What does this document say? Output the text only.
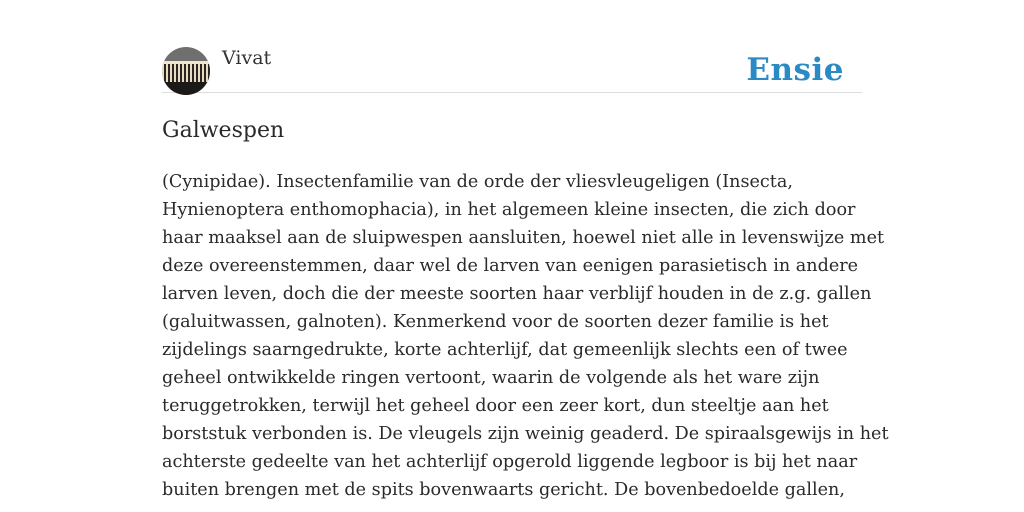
Vivat	Ensie
Galwespen
(Cynipidae). Insectenfamilie van de orde der vliesvleugeligen (Insecta,
Hynienoptera enthomophacia), in het algemeen kleine insecten, die zich door
haar maaksel aan de sluipwespen aansluiten, hoewel niet alle in levenswijze met
deze overeenstemmen, daar wel de larven van eenigen parasietisch in andere
larven leven, doch die der meeste soorten haar verblijf houden in de z.g. gallen
(galuitwassen, galnoten). Kenmerkend voor de soorten dezer familie is het
zijdelings saarngedrukte, korte achterlijf, dat gemeenlijk slechts een of twee
geheel ontwikkelde ringen vertoont, waarin de volgende als het ware zijn
teruggetrokken, terwijl het geheel door een zeer kort, dun steeltje aan het
borststuk verbonden is. De vleugels zijn weinig geaderd. De spiraalsgewijs in het
achterste gedeelte van het achterlijf opgerold liggende legboor is bij het naar
buiten brengen met de spits bovenwaarts gericht. De bovenbedoelde gallen,
